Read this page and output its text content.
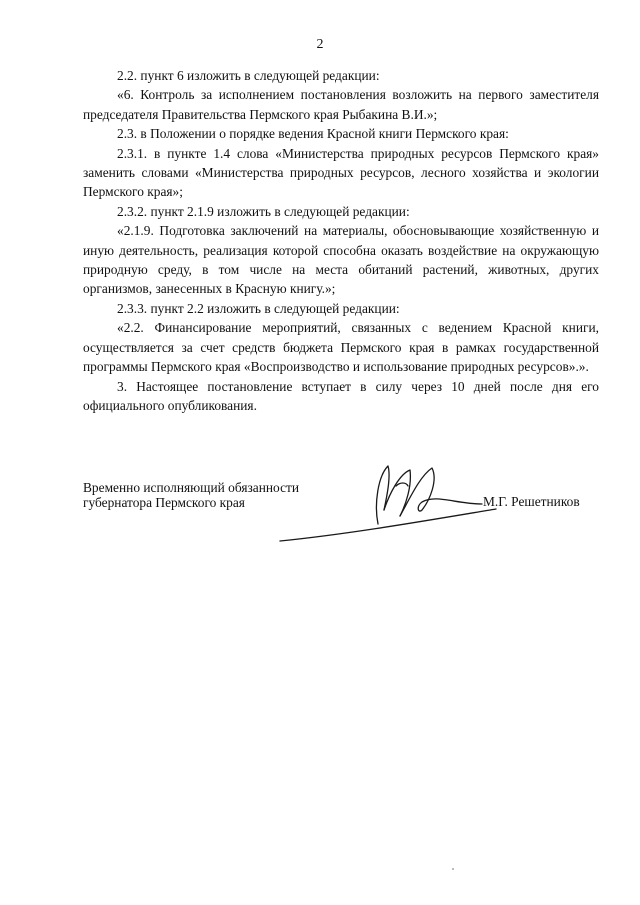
2

2.2. пункт 6 изложить в следующей редакции:

«6. Контроль за исполнением постановления возложить на первого заместителя председателя Правительства Пермского края Рыбакина В.И.»;

2.3. в Положении о порядке ведения Красной книги Пермского края:

2.3.1. в пункте 1.4 слова «Министерства природных ресурсов Пермского края» заменить словами «Министерства природных ресурсов, лесного хозяйства и экологии Пермского края»;

2.3.2. пункт 2.1.9 изложить в следующей редакции:

«2.1.9. Подготовка заключений на материалы, обосновывающие хозяйственную и иную деятельность, реализация которой способна оказать воздействие на окружающую природную среду, в том числе на места обитаний растений, животных, других организмов, занесенных в Красную книгу.»;

2.3.3. пункт 2.2 изложить в следующей редакции:

«2.2. Финансирование мероприятий, связанных с ведением Красной книги, осуществляется за счет средств бюджета Пермского края в рамках государственной программы Пермского края «Воспроизводство и использование природных ресурсов».».

3. Настоящее постановление вступает в силу через 10 дней после дня его официального опубликования.

Временно исполняющий обязанности
губернатора Пермского края	М.Г. Решетников
